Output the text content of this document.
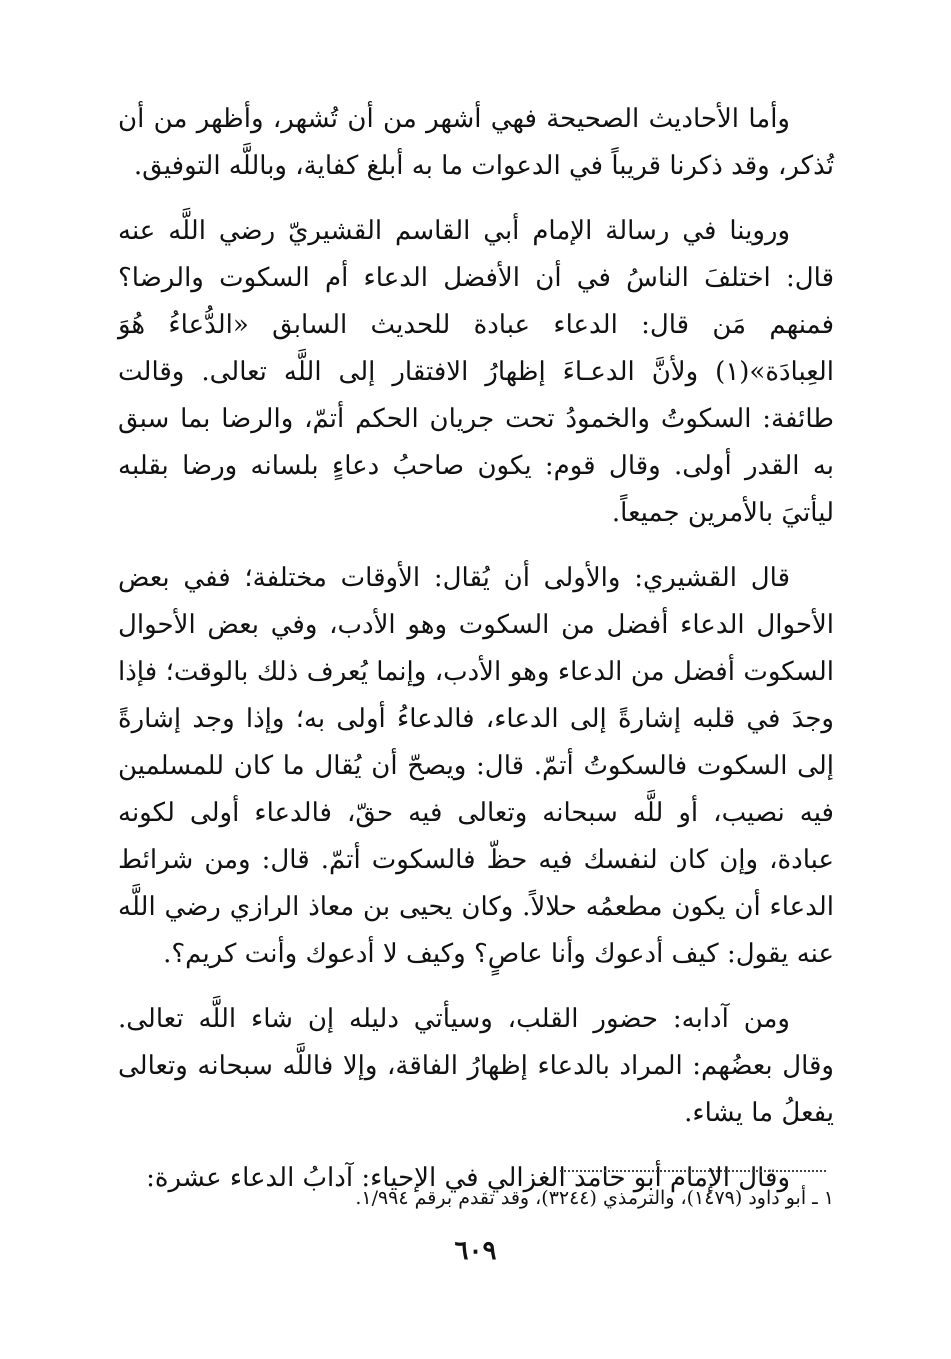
وأما الأحاديث الصحيحة فهي أشهر من أن تُشهر، وأظهر من أن تُذكر، وقد ذكرنا قريباً في الدعوات ما به أبلغ كفاية، وباللَّه التوفيق.

وروينا في رسالة الإمام أبي القاسم القشيريّ رضي اللَّه عنه قال: اختلفَ الناسُ في أن الأفضل الدعاء أم السكوت والرضا؟ فمنهم مَن قال: الدعاء عبادة للحديث السابق «الدُّعاءُ هُوَ العِبادَة»(١) ولأنَّ الدعـاءَ إظهارُ الافتقار إلى اللَّه تعالى. وقالت طائفة: السكوتُ والخمودُ تحت جريان الحكم أتمّ، والرضا بما سبق به القدر أولى. وقال قوم: يكون صاحبُ دعاءٍ بلسانه ورضا بقلبه ليأتيَ بالأمرين جميعاً.

قال القشيري: والأولى أن يُقال: الأوقات مختلفة؛ ففي بعض الأحوال الدعاء أفضل من السكوت وهو الأدب، وفي بعض الأحوال السكوت أفضل من الدعاء وهو الأدب، وإنما يُعرف ذلك بالوقت؛ فإذا وجدَ في قلبه إشارةً إلى الدعاء، فالدعاءُ أولى به؛ وإذا وجد إشارةً إلى السكوت فالسكوتُ أتمّ. قال: ويصحّ أن يُقال ما كان للمسلمين فيه نصيب، أو للَّه سبحانه وتعالى فيه حقّ، فالدعاء أولى لكونه عبادة، وإن كان لنفسك فيه حظّ فالسكوت أتمّ. قال: ومن شرائط الدعاء أن يكون مطعمُه حلالاً. وكان يحيى بن معاذ الرازي رضي اللَّه عنه يقول: كيف أدعوك وأنا عاصٍ؟ وكيف لا أدعوك وأنت كريم؟.

ومن آدابه: حضور القلب، وسيأتي دليله إن شاء اللَّه تعالى. وقال بعضُهم: المراد بالدعاء إظهارُ الفاقة، وإلا فاللَّه سبحانه وتعالى يفعلُ ما يشاء.

وقال الإمام أبو حامد الغزالي في الإحياء: آدابُ الدعاء عشرة:

١ ـ أبو داود (١٤٧٩)، والترمذي (٣٢٤٤)، وقد تقدم برقم ١/٩٩٤.
٦٠٩
